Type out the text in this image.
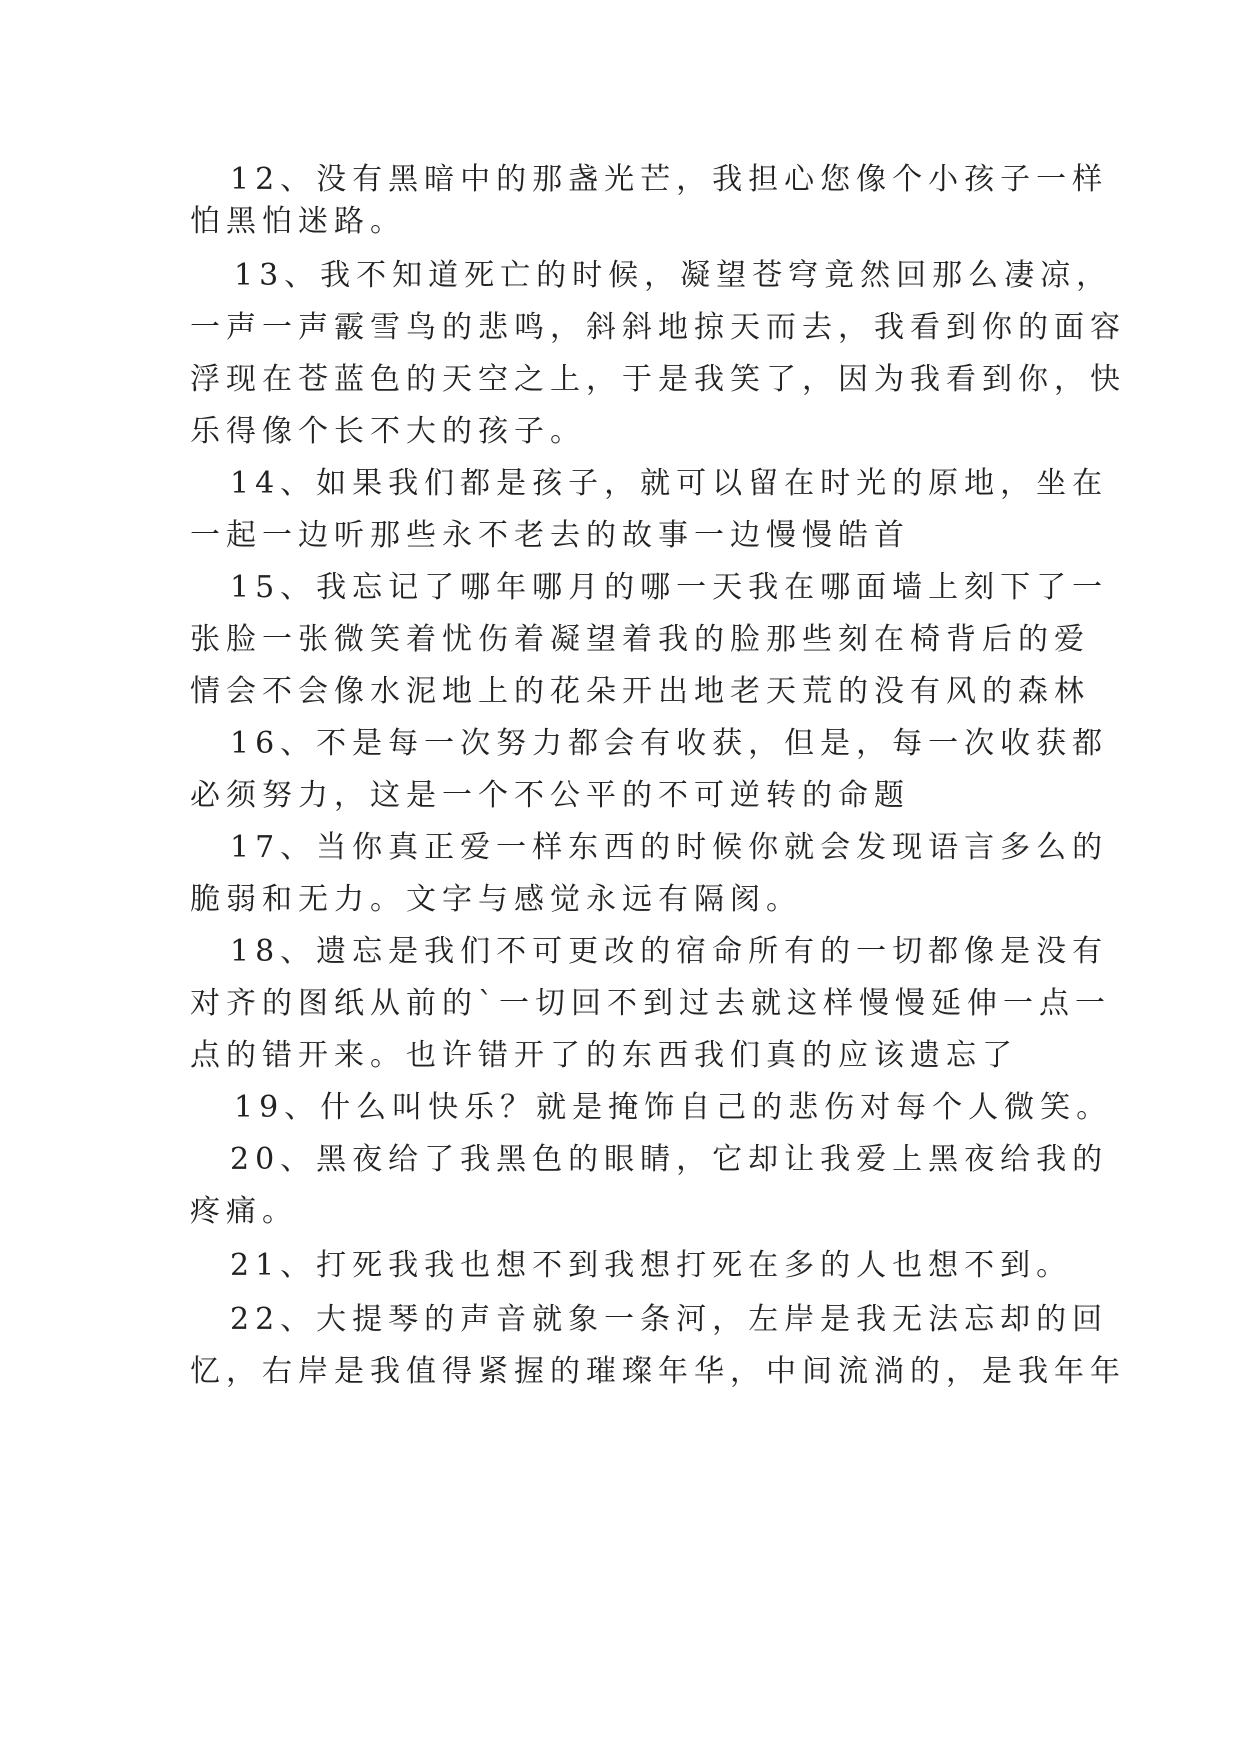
12、没有黑暗中的那盏光芒，我担心您像个小孩子一样
怕黑怕迷路。
13、我不知道死亡的时候，凝望苍穹竟然回那么凄凉，
一声一声霰雪鸟的悲鸣，斜斜地掠天而去，我看到你的面容
浮现在苍蓝色的天空之上，于是我笑了，因为我看到你，快
乐得像个长不大的孩子。
14、如果我们都是孩子，就可以留在时光的原地，坐在
一起一边听那些永不老去的故事一边慢慢皓首
15、我忘记了哪年哪月的哪一天我在哪面墙上刻下了一
张脸一张微笑着忧伤着凝望着我的脸那些刻在椅背后的爱
情会不会像水泥地上的花朵开出地老天荒的没有风的森林
16、不是每一次努力都会有收获，但是，每一次收获都
必须努力，这是一个不公平的不可逆转的命题
17、当你真正爱一样东西的时候你就会发现语言多么的
脆弱和无力。文字与感觉永远有隔阂。
18、遗忘是我们不可更改的宿命所有的一切都像是没有
对齐的图纸从前的`一切回不到过去就这样慢慢延伸一点一
点的错开来。也许错开了的东西我们真的应该遗忘了
19、什么叫快乐？就是掩饰自己的悲伤对每个人微笑。
20、黑夜给了我黑色的眼睛，它却让我爱上黑夜给我的
疼痛。
21、打死我我也想不到我想打死在多的人也想不到。
22、大提琴的声音就象一条河，左岸是我无法忘却的回
忆，右岸是我值得紧握的璀璨年华，中间流淌的，是我年年
